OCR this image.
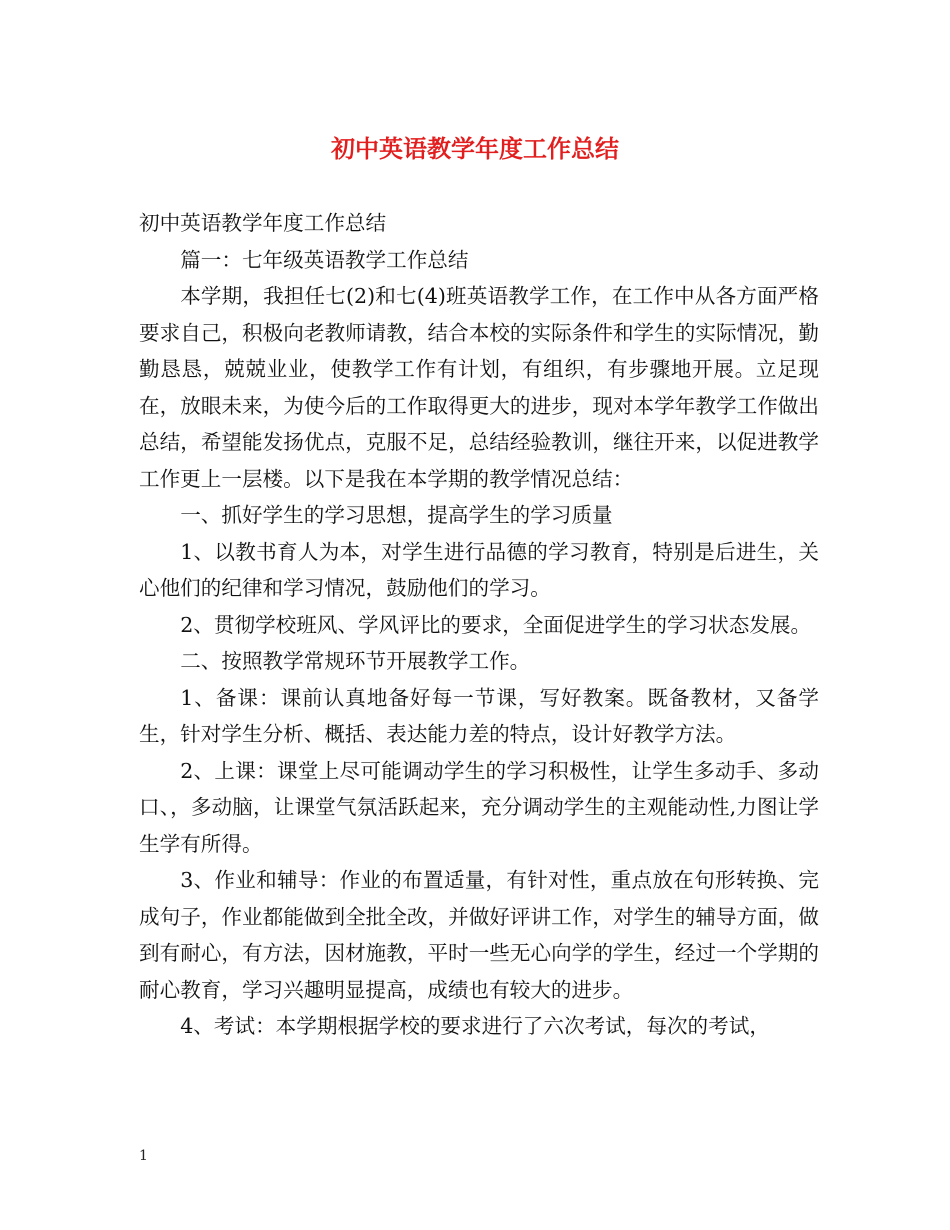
初中英语教学年度工作总结

初中英语教学年度工作总结

篇一：七年级英语教学工作总结

本学期，我担任七(2)和七(4)班英语教学工作，在工作中从各方面严格要求自己，积极向老教师请教，结合本校的实际条件和学生的实际情况，勤勤恳恳，兢兢业业，使教学工作有计划，有组织，有步骤地开展。立足现在，放眼未来，为使今后的工作取得更大的进步，现对本学年教学工作做出总结，希望能发扬优点，克服不足，总结经验教训，继往开来，以促进教学工作更上一层楼。以下是我在本学期的教学情况总结：

一、抓好学生的学习思想，提高学生的学习质量

1、以教书育人为本，对学生进行品德的学习教育，特别是后进生，关心他们的纪律和学习情况，鼓励他们的学习。

2、贯彻学校班风、学风评比的要求，全面促进学生的学习状态发展。

二、按照教学常规环节开展教学工作。

1、备课：课前认真地备好每一节课，写好教案。既备教材，又备学生，针对学生分析、概括、表达能力差的特点，设计好教学方法。

2、上课：课堂上尽可能调动学生的学习积极性，让学生多动手、多动口、，多动脑，让课堂气氛活跃起来，充分调动学生的主观能动性,力图让学生学有所得。

3、作业和辅导：作业的布置适量，有针对性，重点放在句形转换、完成句子，作业都能做到全批全改，并做好评讲工作，对学生的辅导方面，做到有耐心，有方法，因材施教，平时一些无心向学的学生，经过一个学期的耐心教育，学习兴趣明显提高，成绩也有较大的进步。

4、考试：本学期根据学校的要求进行了六次考试，每次的考试，

1
